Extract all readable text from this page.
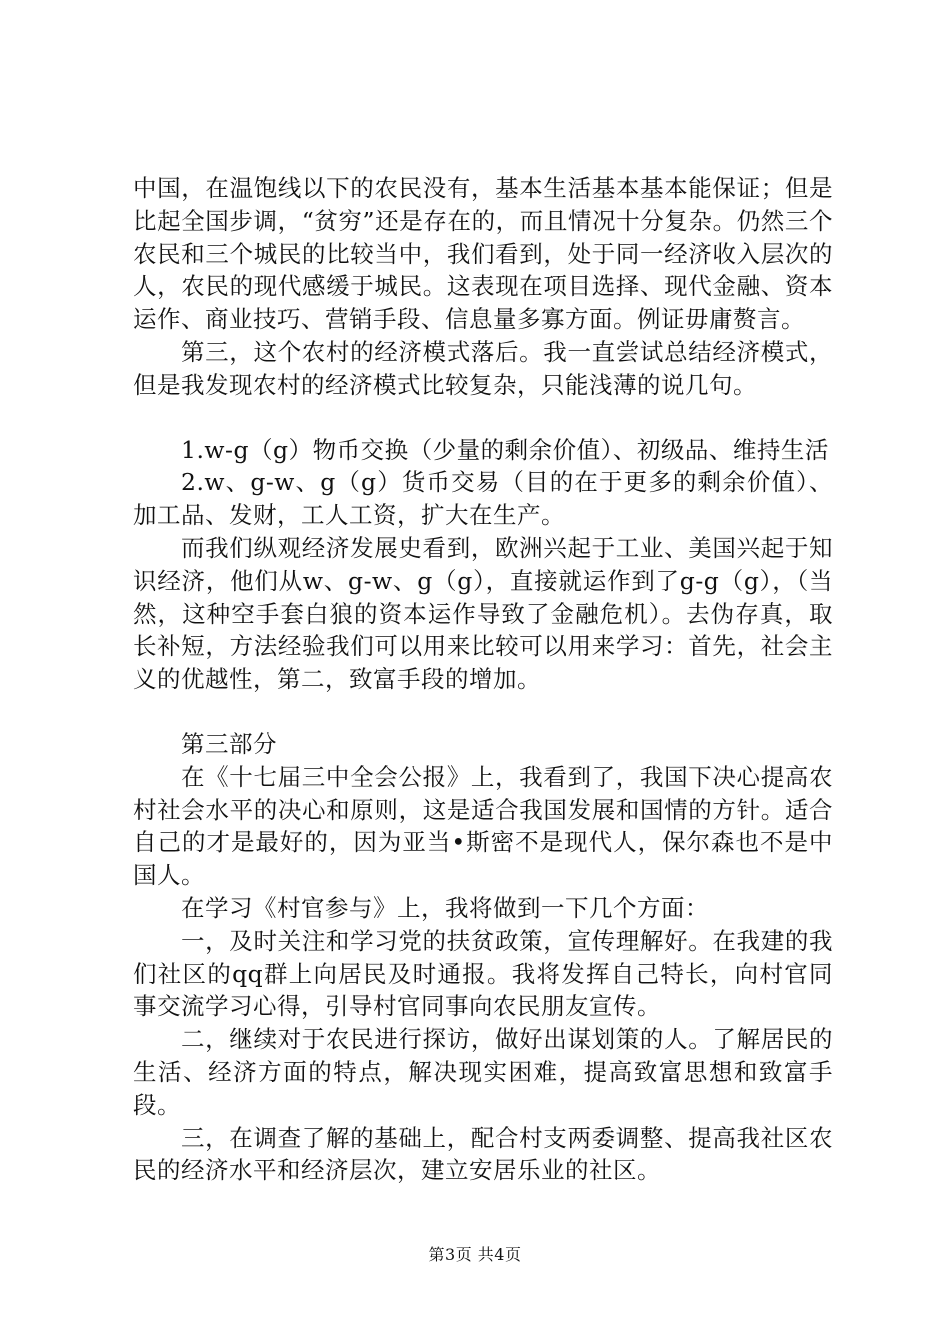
中国，在温饱线以下的农民没有，基本生活基本基本能保证；但是比起全国步调，“贫穷”还是存在的，而且情况十分复杂。仍然三个农民和三个城民的比较当中，我们看到，处于同一经济收入层次的人，农民的现代感缓于城民。这表现在项目选择、现代金融、资本运作、商业技巧、营销手段、信息量多寡方面。例证毋庸赘言。

第三，这个农村的经济模式落后。我一直尝试总结经济模式，但是我发现农村的经济模式比较复杂，只能浅薄的说几句。

1.w-g（g）物币交换（少量的剩余价值）、初级品、维持生活

2.w、g-w、g（g）货币交易（目的在于更多的剩余价值）、加工品、发财，工人工资，扩大在生产。

而我们纵观经济发展史看到，欧洲兴起于工业、美国兴起于知识经济，他们从w、g-w、g（g），直接就运作到了g-g（g），（当然，这种空手套白狼的资本运作导致了金融危机）。去伪存真，取长补短，方法经验我们可以用来比较可以用来学习：首先，社会主义的优越性，第二，致富手段的增加。

第三部分

在《十七届三中全会公报》上，我看到了，我国下决心提高农村社会水平的决心和原则，这是适合我国发展和国情的方针。适合自己的才是最好的，因为亚当•斯密不是现代人，保尔森也不是中国人。

在学习《村官参与》上，我将做到一下几个方面：

一，及时关注和学习党的扶贫政策，宣传理解好。在我建的我们社区的qq群上向居民及时通报。我将发挥自己特长，向村官同事交流学习心得，引导村官同事向农民朋友宣传。

二，继续对于农民进行探访，做好出谋划策的人。了解居民的生活、经济方面的特点，解决现实困难，提高致富思想和致富手段。

三，在调查了解的基础上，配合村支两委调整、提高我社区农民的经济水平和经济层次，建立安居乐业的社区。

第3页 共4页
